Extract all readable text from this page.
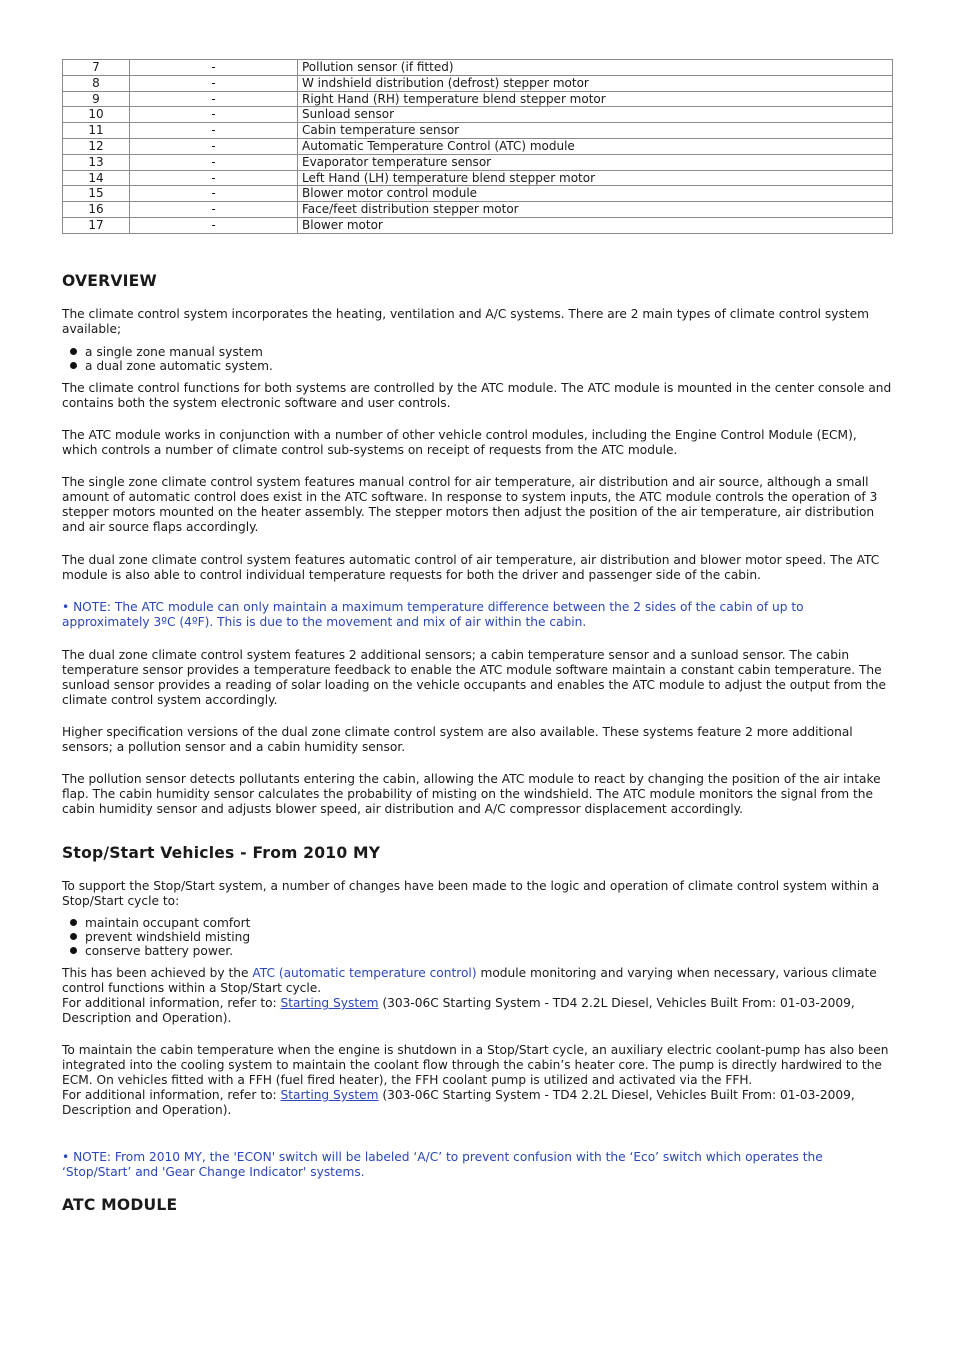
7	-	Pollution sensor (if fitted)
8	-	W indshield distribution (defrost) stepper motor
9	-	Right Hand (RH) temperature blend stepper motor
10	-	Sunload sensor
11	-	Cabin temperature sensor
12	-	Automatic Temperature Control (ATC) module
13	-	Evaporator temperature sensor
14	-	Left Hand (LH) temperature blend stepper motor
15	-	Blower motor control module
16	-	Face/feet distribution stepper motor
17	-	Blower motor
OVERVIEW

The climate control system incorporates the heating, ventilation and A/C systems. There are 2 main types of climate control system available;

a single zone manual system
a dual zone automatic system.

The climate control functions for both systems are controlled by the ATC module. The ATC module is mounted in the center console and contains both the system electronic software and user controls.

The ATC module works in conjunction with a number of other vehicle control modules, including the Engine Control Module (ECM), which controls a number of climate control sub-systems on receipt of requests from the ATC module.

The single zone climate control system features manual control for air temperature, air distribution and air source, although a small amount of automatic control does exist in the ATC software. In response to system inputs, the ATC module controls the operation of 3 stepper motors mounted on the heater assembly. The stepper motors then adjust the position of the air temperature, air distribution and air source flaps accordingly.

The dual zone climate control system features automatic control of air temperature, air distribution and blower motor speed. The ATC module is also able to control individual temperature requests for both the driver and passenger side of the cabin.

• NOTE: The ATC module can only maintain a maximum temperature difference between the 2 sides of the cabin of up to approximately 3ºC (4ºF). This is due to the movement and mix of air within the cabin.

The dual zone climate control system features 2 additional sensors; a cabin temperature sensor and a sunload sensor. The cabin temperature sensor provides a temperature feedback to enable the ATC module software maintain a constant cabin temperature. The sunload sensor provides a reading of solar loading on the vehicle occupants and enables the ATC module to adjust the output from the climate control system accordingly.

Higher specification versions of the dual zone climate control system are also available. These systems feature 2 more additional sensors; a pollution sensor and a cabin humidity sensor.

The pollution sensor detects pollutants entering the cabin, allowing the ATC module to react by changing the position of the air intake flap. The cabin humidity sensor calculates the probability of misting on the windshield. The ATC module monitors the signal from the cabin humidity sensor and adjusts blower speed, air distribution and A/C compressor displacement accordingly.

Stop/Start Vehicles - From 2010 MY

To support the Stop/Start system, a number of changes have been made to the logic and operation of climate control system within a Stop/Start cycle to:

maintain occupant comfort
prevent windshield misting
conserve battery power.

This has been achieved by the ATC (automatic temperature control) module monitoring and varying when necessary, various climate control functions within a Stop/Start cycle.

For additional information, refer to: Starting System (303-06C Starting System - TD4 2.2L Diesel, Vehicles Built From: 01-03-2009, Description and Operation).

To maintain the cabin temperature when the engine is shutdown in a Stop/Start cycle, an auxiliary electric coolant-pump has also been integrated into the cooling system to maintain the coolant flow through the cabin’s heater core. The pump is directly hardwired to the ECM. On vehicles fitted with a FFH (fuel fired heater), the FFH coolant pump is utilized and activated via the FFH.

For additional information, refer to: Starting System (303-06C Starting System - TD4 2.2L Diesel, Vehicles Built From: 01-03-2009, Description and Operation).

• NOTE: From 2010 MY, the 'ECON' switch will be labeled ‘A/C’ to prevent confusion with the ‘Eco’ switch which operates the ‘Stop/Start’ and 'Gear Change Indicator' systems.

ATC MODULE
